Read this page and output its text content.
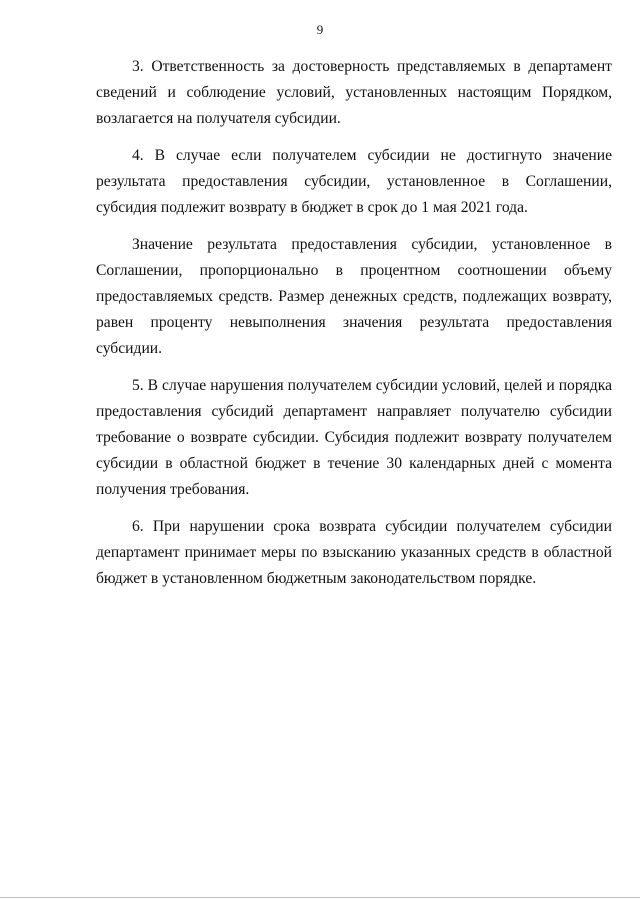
9

3. Ответственность за достоверность представляемых в департамент сведений и соблюдение условий, установленных настоящим Порядком, возлагается на получателя субсидии.

4. В случае если получателем субсидии не достигнуто значение результата предоставления субсидии, установленное в Соглашении, субсидия подлежит возврату в бюджет в срок до 1 мая 2021 года.

Значение результата предоставления субсидии, установленное в Соглашении, пропорционально в процентном соотношении объему предоставляемых средств. Размер денежных средств, подлежащих возврату, равен проценту невыполнения значения результата предоставления субсидии.

5. В случае нарушения получателем субсидии условий, целей и порядка предоставления субсидий департамент направляет получателю субсидии требование о возврате субсидии. Субсидия подлежит возврату получателем субсидии в областной бюджет в течение 30 календарных дней с момента получения требования.

6. При нарушении срока возврата субсидии получателем субсидии департамент принимает меры по взысканию указанных средств в областной бюджет в установленном бюджетным законодательством порядке.
